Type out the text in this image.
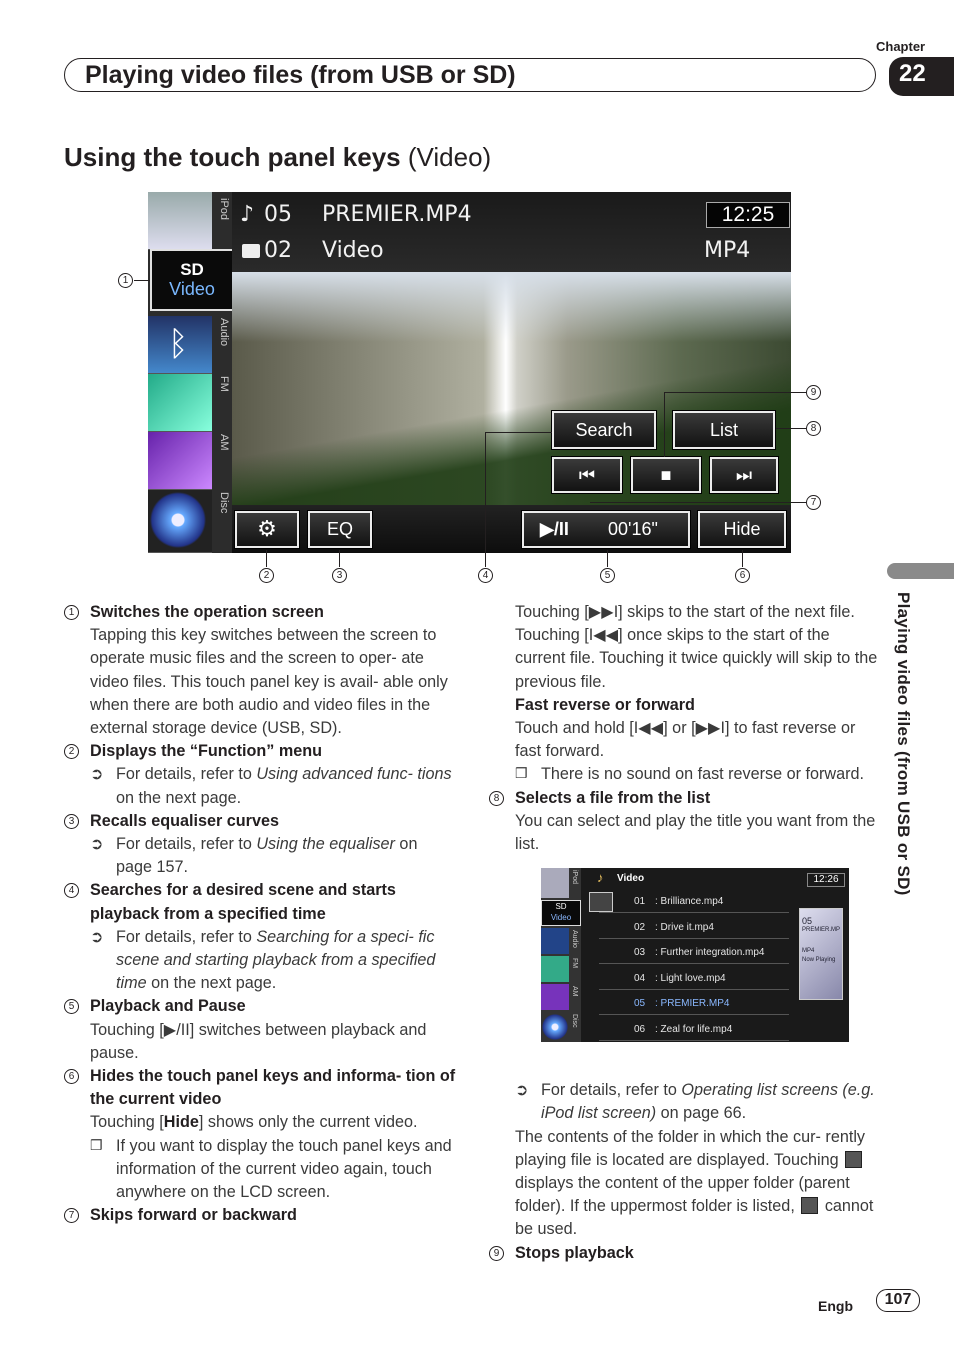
Chapter
22
Playing video files (from USB or SD)
Using the touch panel keys (Video)
iPod
ᛒ	Audio
FM
AM
Disc
SD
Video
♪ 05 PREMIER.MP4
02 Video
12:25
MP4
Search	List
⏮	■	⏭
⚙	EQ	▶/II 00'16"	Hide
1
2	3	4	5	6
7
8
9
1 Switches the operation screen
Tapping this key switches between the screen to operate music files and the screen to oper- ate video files. This touch panel key is avail- able only when there are both audio and video files in the external storage device (USB, SD).
2 Displays the “Function” menu
➲ For details, refer to Using advanced func- tions on the next page.
3 Recalls equaliser curves
➲ For details, refer to Using the equaliser on page 157.
4 Searches for a desired scene and starts playback from a specified time
➲ For details, refer to Searching for a speci- fic scene and starting playback from a specified time on the next page.
5 Playback and Pause
Touching [▶/II] switches between playback and pause.
6 Hides the touch panel keys and informa- tion of the current video
Touching [Hide] shows only the current video.
❒ If you want to display the touch panel keys and information of the current video again, touch anywhere on the LCD screen.
7 Skips forward or backward
Touching [▶▶I] skips to the start of the next file. Touching [I◀◀] once skips to the start of the current file. Touching it twice quickly will skip to the previous file.
Fast reverse or forward
Touch and hold [I◀◀] or [▶▶I] to fast reverse or fast forward.
❒ There is no sound on fast reverse or forward.
8 Selects a file from the list
You can select and play the title you want from the list.
➲ For details, refer to Operating list screens (e.g. iPod list screen) on page 66.
The contents of the folder in which the cur- rently playing file is located are displayed. Touching  displays the content of the upper folder (parent folder). If the uppermost folder is listed, cannot be used.
9 Stops playback
iPod
SD
Video
Audio
FM
AM
Disc
♪ Video	12:26
01 : Brilliance.mp4
02 : Drive it.mp4
03 : Further integration.mp4
04 : Light love.mp4
05 : PREMIER.MP4
06 : Zeal for life.mp4
05
PREMIER.MP
MP4
Now Playing
Playing video files (from USB or SD)
Engb	107
